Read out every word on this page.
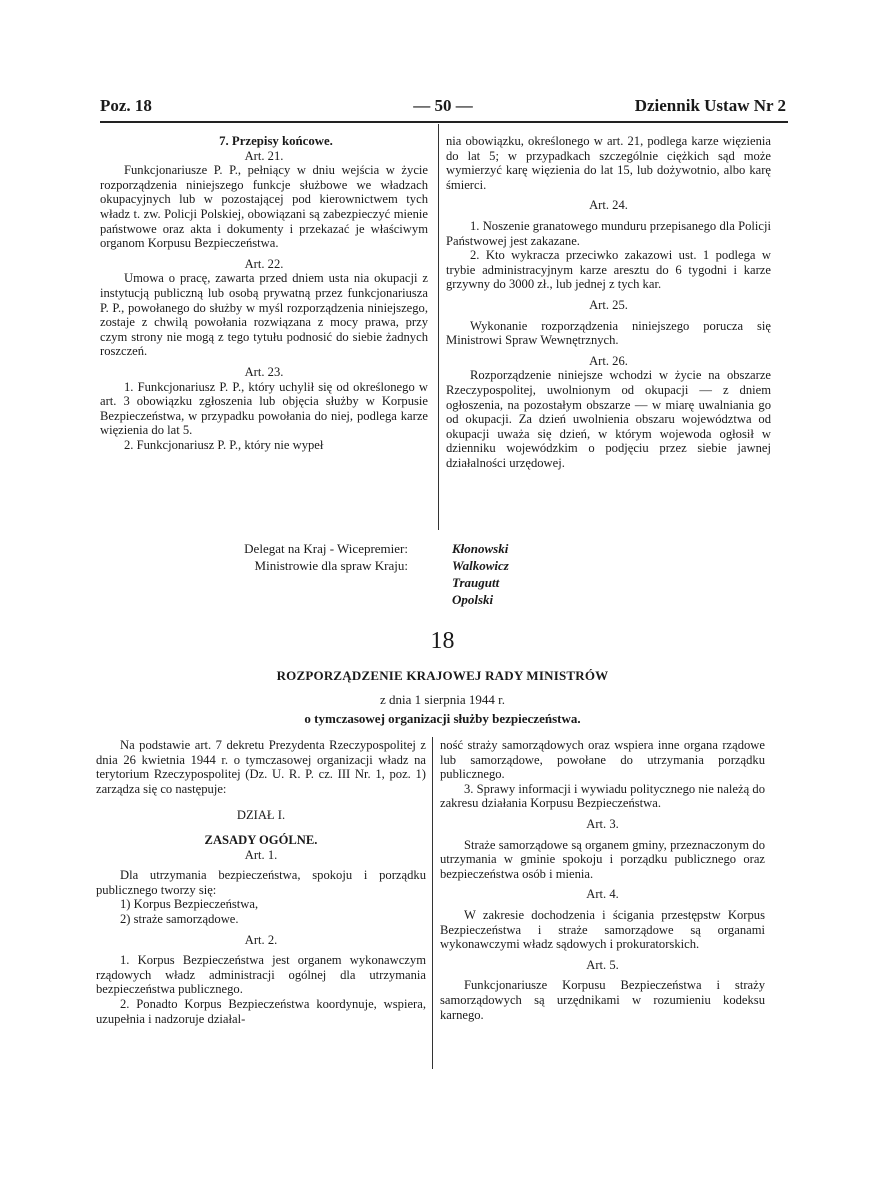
Poz. 18	— 50 —	Dziennik Ustaw Nr 2

7. Przepisy końcowe.

Art. 21.

Funkcjonariusze P. P., pełniący w dniu wejścia w życie rozporządzenia niniejszego funkcje służbowe we władzach okupacyjnych lub w pozostającej pod kierownictwem tych władz t. zw. Policji Polskiej, obowiązani są zabezpieczyć mienie państwowe oraz akta i dokumenty i przekazać je właściwym organom Korpusu Bezpieczeństwa.

Art. 22.

Umowa o pracę, zawarta przed dniem usta nia okupacji z instytucją publiczną lub osobą prywatną przez funkcjonariusza P. P., powołanego do służby w myśl rozporządzenia niniejszego, zostaje z chwilą powołania rozwiązana z mocy prawa, przy czym strony nie mogą z tego tytułu podnosić do siebie żadnych roszczeń.

Art. 23.

1. Funkcjonariusz P. P., który uchylił się od określonego w art. 3 obowiązku zgłoszenia lub objęcia służby w Korpusie Bezpieczeństwa, w przypadku powołania do niej, podlega karze więzienia do lat 5.

2. Funkcjonariusz P. P., który nie wypeł

nia obowiązku, określonego w art. 21, podlega karze więzienia do lat 5; w przypadkach szczególnie ciężkich sąd może wymierzyć karę więzienia do lat 15, lub dożywotnio, albo karę śmierci.

Art. 24.

1. Noszenie granatowego munduru przepisanego dla Policji Państwowej jest zakazane.

2. Kto wykracza przeciwko zakazowi ust. 1 podlega w trybie administracyjnym karze aresztu do 6 tygodni i karze grzywny do 3000 zł., lub jednej z tych kar.

Art. 25.

Wykonanie rozporządzenia niniejszego porucza się Ministrowi Spraw Wewnętrznych.

Art. 26.

Rozporządzenie niniejsze wchodzi w życie na obszarze Rzeczypospolitej, uwolnionym od okupacji — z dniem ogłoszenia, na pozostałym obszarze — w miarę uwalniania go od okupacji. Za dzień uwolnienia obszaru województwa od okupacji uważa się dzień, w którym wojewoda ogłosił w dzienniku wojewódzkim o podjęciu przez siebie jawnej działalności urzędowej.

Delegat na Kraj - Wicepremier:	Kłonowski
Ministrowie dla spraw Kraju:	Walkowicz
Traugutt
Opolski
18
ROZPORZĄDZENIE KRAJOWEJ RADY MINISTRÓW
z dnia 1 sierpnia 1944 r.
o tymczasowej organizacji służby bezpieczeństwa.

Na podstawie art. 7 dekretu Prezydenta Rzeczypospolitej z dnia 26 kwietnia 1944 r. o tymczasowej organizacji władz na terytorium Rzeczypospolitej (Dz. U. R. P. cz. III Nr. 1, poz. 1) zarządza się co następuje:

DZIAŁ I.

ZASADY OGÓLNE.

Art. 1.

Dla utrzymania bezpieczeństwa, spokoju i porządku publicznego tworzy się:

1) Korpus Bezpieczeństwa,

2) straże samorządowe.

Art. 2.

1. Korpus Bezpieczeństwa jest organem wykonawczym rządowych władz administracji ogólnej dla utrzymania bezpieczeństwa publicznego.

2. Ponadto Korpus Bezpieczeństwa koordynuje, wspiera, uzupełnia i nadzoruje działal-

ność straży samorządowych oraz wspiera inne organa rządowe lub samorządowe, powołane do utrzymania porządku publicznego.

3. Sprawy informacji i wywiadu politycznego nie należą do zakresu działania Korpusu Bezpieczeństwa.

Art. 3.

Straże samorządowe są organem gminy, przeznaczonym do utrzymania w gminie spokoju i porządku publicznego oraz bezpieczeństwa osób i mienia.

Art. 4.

W zakresie dochodzenia i ścigania przestępstw Korpus Bezpieczeństwa i straże samorządowe są organami wykonawczymi władz sądowych i prokuratorskich.

Art. 5.

Funkcjonariusze Korpusu Bezpieczeństwa i straży samorządowych są urzędnikami w rozumieniu kodeksu karnego.
